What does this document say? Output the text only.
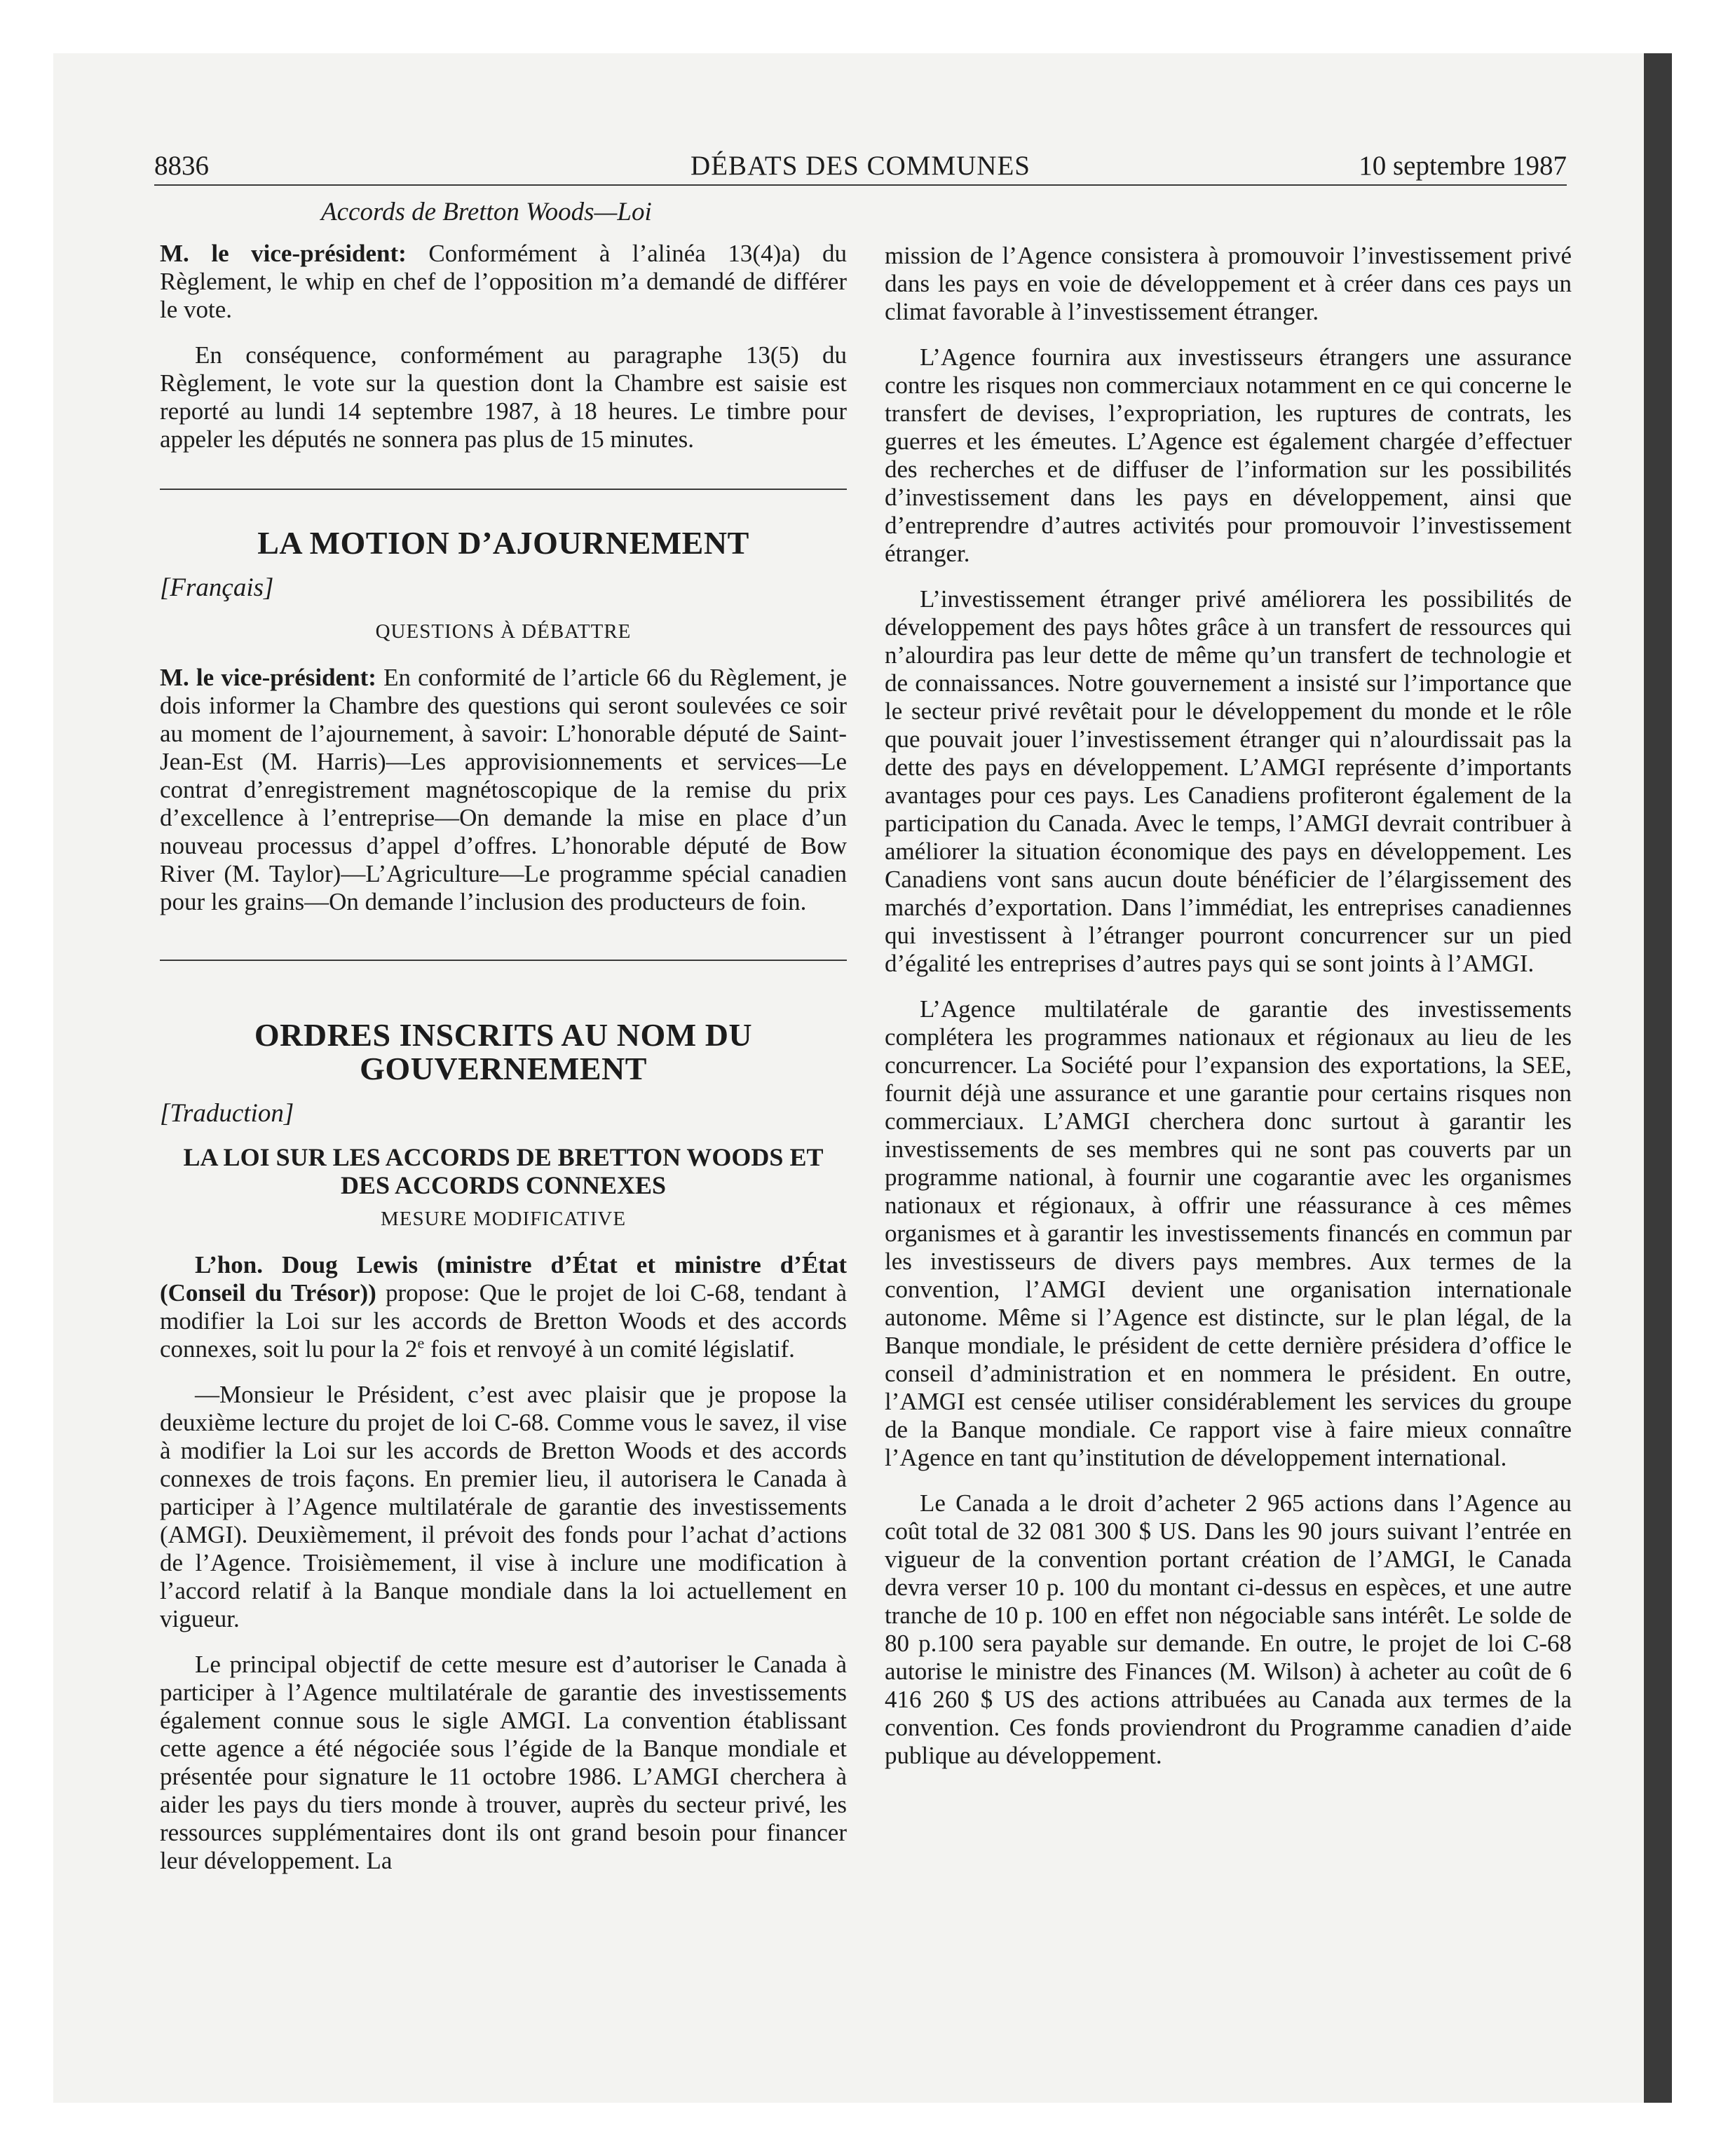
8836	DÉBATS DES COMMUNES	10 septembre 1987

Accords de Bretton Woods—Loi

M. le vice-président: Conformément à l’alinéa 13(4)a) du Règlement, le whip en chef de l’opposition m’a demandé de différer le vote.

En conséquence, conformément au paragraphe 13(5) du Règlement, le vote sur la question dont la Chambre est saisie est reporté au lundi 14 septembre 1987, à 18 heures. Le timbre pour appeler les députés ne sonnera pas plus de 15 minutes.

LA MOTION D’AJOURNEMENT

[Français]

QUESTIONS À DÉBATTRE

M. le vice-président: En conformité de l’article 66 du Règlement, je dois informer la Chambre des questions qui seront soulevées ce soir au moment de l’ajournement, à savoir: L’honorable député de Saint-Jean-Est (M. Harris)—Les approvisionnements et services—Le contrat d’enregistrement magnétoscopique de la remise du prix d’excellence à l’entreprise—On demande la mise en place d’un nouveau processus d’appel d’offres. L’honorable député de Bow River (M. Taylor)—L’Agriculture—Le programme spécial canadien pour les grains—On demande l’inclusion des producteurs de foin.

ORDRES INSCRITS AU NOM DU GOUVERNEMENT

[Traduction]

LA LOI SUR LES ACCORDS DE BRETTON WOODS ET DES ACCORDS CONNEXES

MESURE MODIFICATIVE

L’hon. Doug Lewis (ministre d’État et ministre d’État (Conseil du Trésor)) propose: Que le projet de loi C-68, tendant à modifier la Loi sur les accords de Bretton Woods et des accords connexes, soit lu pour la 2e fois et renvoyé à un comité législatif.

—Monsieur le Président, c’est avec plaisir que je propose la deuxième lecture du projet de loi C-68. Comme vous le savez, il vise à modifier la Loi sur les accords de Bretton Woods et des accords connexes de trois façons. En premier lieu, il autorisera le Canada à participer à l’Agence multilatérale de garantie des investissements (AMGI). Deuxièmement, il prévoit des fonds pour l’achat d’actions de l’Agence. Troisièmement, il vise à inclure une modification à l’accord relatif à la Banque mondiale dans la loi actuellement en vigueur.

Le principal objectif de cette mesure est d’autoriser le Canada à participer à l’Agence multilatérale de garantie des investissements également connue sous le sigle AMGI. La convention établissant cette agence a été négociée sous l’égide de la Banque mondiale et présentée pour signature le 11 octobre 1986. L’AMGI cherchera à aider les pays du tiers monde à trouver, auprès du secteur privé, les ressources supplémentaires dont ils ont grand besoin pour financer leur développement. La

mission de l’Agence consistera à promouvoir l’investissement privé dans les pays en voie de développement et à créer dans ces pays un climat favorable à l’investissement étranger.

L’Agence fournira aux investisseurs étrangers une assurance contre les risques non commerciaux notamment en ce qui concerne le transfert de devises, l’expropriation, les ruptures de contrats, les guerres et les émeutes. L’Agence est également chargée d’effectuer des recherches et de diffuser de l’information sur les possibilités d’investissement dans les pays en développement, ainsi que d’entreprendre d’autres activités pour promouvoir l’investissement étranger.

L’investissement étranger privé améliorera les possibilités de développement des pays hôtes grâce à un transfert de ressources qui n’alourdira pas leur dette de même qu’un transfert de technologie et de connaissances. Notre gouvernement a insisté sur l’importance que le secteur privé revêtait pour le développement du monde et le rôle que pouvait jouer l’investissement étranger qui n’alourdissait pas la dette des pays en développement. L’AMGI représente d’importants avantages pour ces pays. Les Canadiens profiteront également de la participation du Canada. Avec le temps, l’AMGI devrait contribuer à améliorer la situation économique des pays en développement. Les Canadiens vont sans aucun doute bénéficier de l’élargissement des marchés d’exportation. Dans l’immédiat, les entreprises canadiennes qui investissent à l’étranger pourront concurrencer sur un pied d’égalité les entreprises d’autres pays qui se sont joints à l’AMGI.

L’Agence multilatérale de garantie des investissements complétera les programmes nationaux et régionaux au lieu de les concurrencer. La Société pour l’expansion des exportations, la SEE, fournit déjà une assurance et une garantie pour certains risques non commerciaux. L’AMGI cherchera donc surtout à garantir les investissements de ses membres qui ne sont pas couverts par un programme national, à fournir une cogarantie avec les organismes nationaux et régionaux, à offrir une réassurance à ces mêmes organismes et à garantir les investissements financés en commun par les investisseurs de divers pays membres. Aux termes de la convention, l’AMGI devient une organisation internationale autonome. Même si l’Agence est distincte, sur le plan légal, de la Banque mondiale, le président de cette dernière présidera d’office le conseil d’administration et en nommera le président. En outre, l’AMGI est censée utiliser considérablement les services du groupe de la Banque mondiale. Ce rapport vise à faire mieux connaître l’Agence en tant qu’institution de développement international.

Le Canada a le droit d’acheter 2 965 actions dans l’Agence au coût total de 32 081 300 $ US. Dans les 90 jours suivant l’entrée en vigueur de la convention portant création de l’AMGI, le Canada devra verser 10 p. 100 du montant ci-dessus en espèces, et une autre tranche de 10 p. 100 en effet non négociable sans intérêt. Le solde de 80 p.100 sera payable sur demande. En outre, le projet de loi C-68 autorise le ministre des Finances (M. Wilson) à acheter au coût de 6 416 260 $ US des actions attribuées au Canada aux termes de la convention. Ces fonds proviendront du Programme canadien d’aide publique au développement.
